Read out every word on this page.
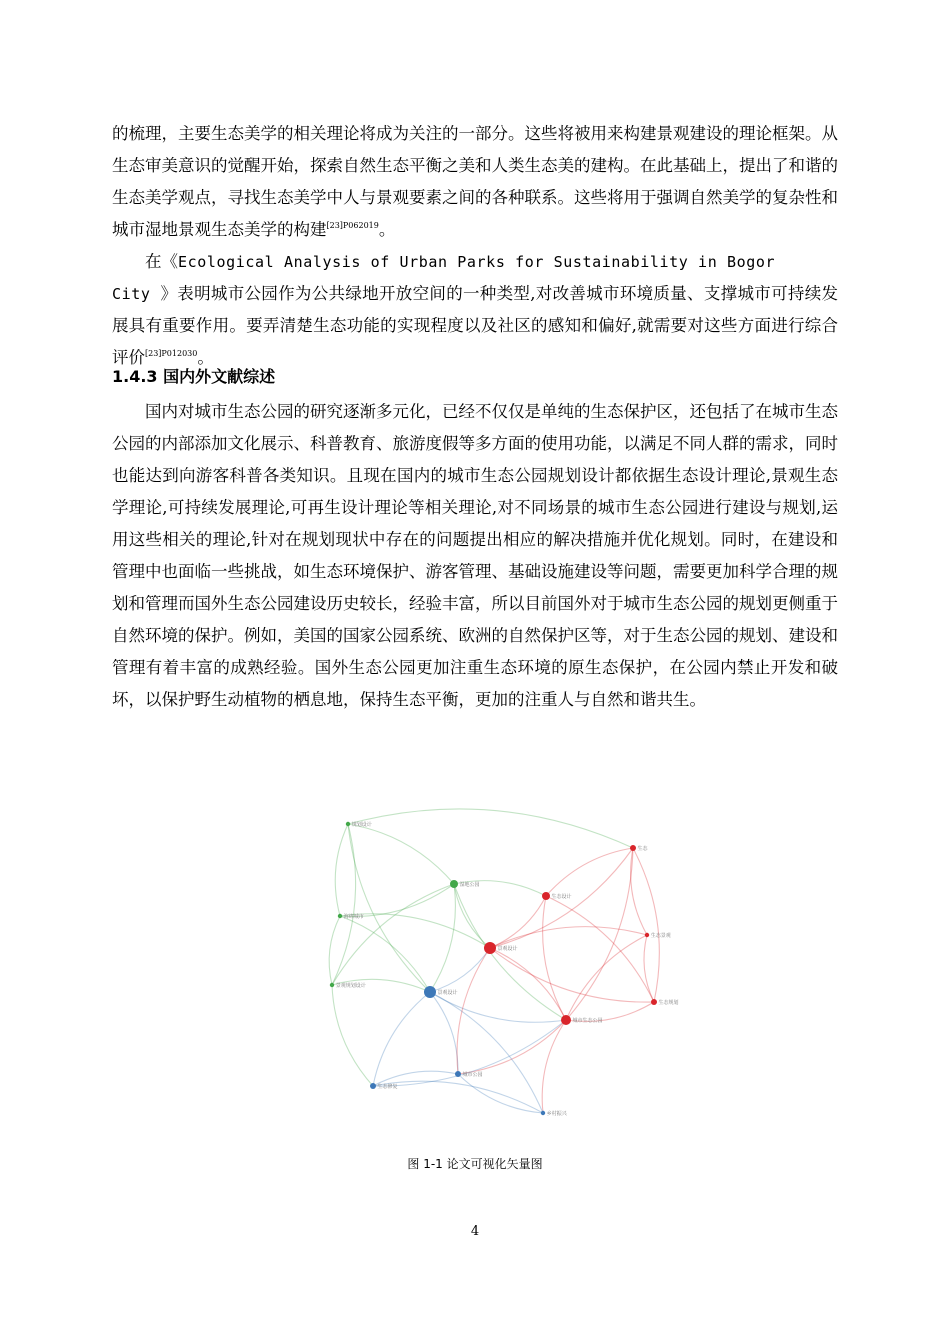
的梳理，主要生态美学的相关理论将成为关注的一部分。这些将被用来构建景观建设的理论框架。从生态审美意识的觉醒开始，探索自然生态平衡之美和人类生态美的建构。在此基础上，提出了和谐的生态美学观点，寻找生态美学中人与景观要素之间的各种联系。这些将用于强调自然美学的复杂性和城市湿地景观生态美学的构建$^{[23]P062019}$。

在《Ecological Analysis of Urban Parks for Sustainability in Bogor

City 》表明城市公园作为公共绿地开放空间的一种类型,对改善城市环境质量、支撑城市可持续发展具有重要作用。要弄清楚生态功能的实现程度以及社区的感知和偏好,就需要对这些方面进行综合评价$^{[23]P012030}$。

1.4.3 国内外文献综述

国内对城市生态公园的研究逐渐多元化，已经不仅仅是单纯的生态保护区，还包括了在城市生态公园的内部添加文化展示、科普教育、旅游度假等多方面的使用功能，以满足不同人群的需求，同时也能达到向游客科普各类知识。且现在国内的城市生态公园规划设计都依据生态设计理论,景观生态学理论,可持续发展理论,可再生设计理论等相关理论,对不同场景的城市生态公园进行建设与规划,运用这些相关的理论,针对在规划现状中存在的问题提出相应的解决措施并优化规划。同时，在建设和管理中也面临一些挑战，如生态环境保护、游客管理、基础设施建设等问题，需要更加科学合理的规划和管理而国外生态公园建设历史较长，经验丰富，所以目前国外对于城市生态公园的规划更侧重于自然环境的保护。例如，美国的国家公园系统、欧洲的自然保护区等，对于生态公园的规划、建设和管理有着丰富的成熟经验。国外生态公园更加注重生态环境的原生态保护，在公园内禁止开发和破坏，以保护野生动植物的栖息地，保持生态平衡，更加的注重人与自然和谐共生。

规划设计
湿地公园
海绵城市
景观规划设计
生态
生态设计
生态景观
生态规划
景观设计
城市生态公园
景观设计
生态修复
城市公园
乡村振兴
图 1-1 论文可视化矢量图
4
